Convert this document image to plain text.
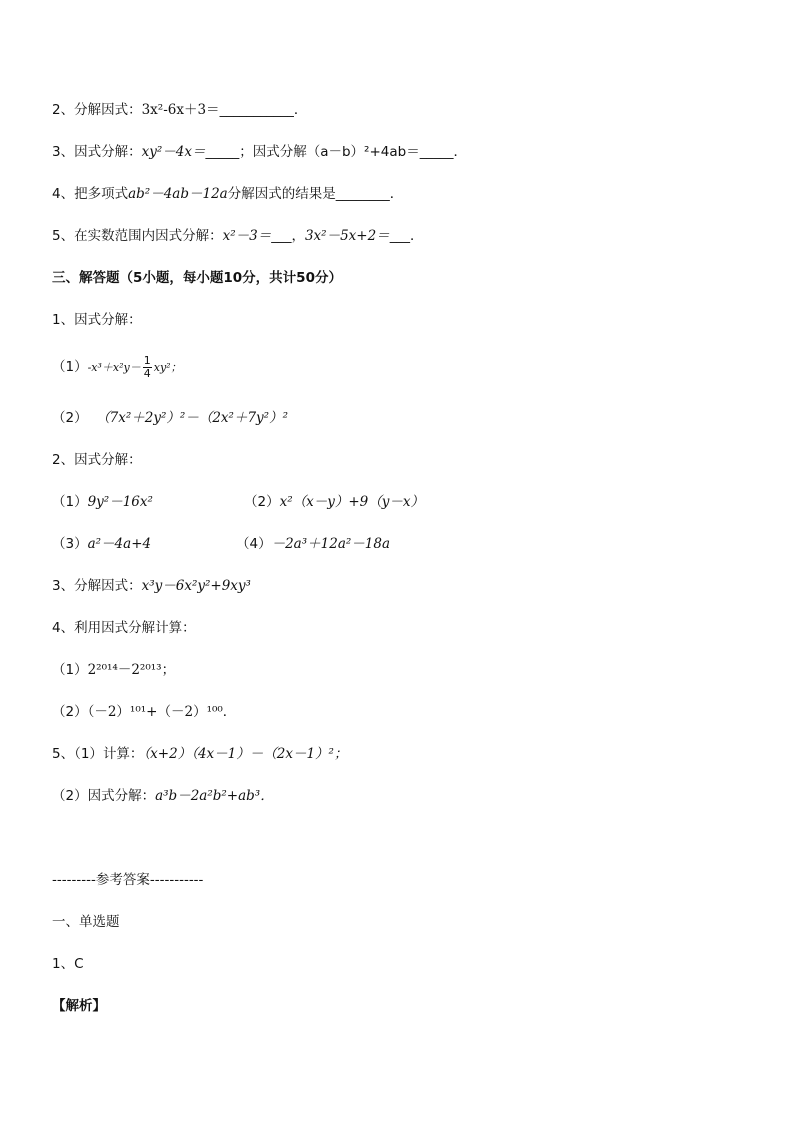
2、分解因式：3x²-6x＋3＝___________．
3、因式分解：xy²－4x＝_____；因式分解（a－b）²+4ab＝_____．
4、把多项式ab²－4ab－12a分解因式的结果是________．
5、在实数范围内因式分解：x²－3＝___，3x²－5x+2＝___．
三、解答题（5小题，每小题10分，共计50分）
1、因式分解：
$(1)-x^3+x^2y- \frac{1}{4} xy^2$；
（2） （7x²＋2y²）²－（2x²＋7y²）²
2、因式分解：
（1）9y²－16x²	（2）x²（x－y）+9（y－x）
（3）a²－4a+4	（4）－2a³＋12a²－18a
3、分解因式：x³y－6x²y²+9xy³
4、利用因式分解计算：
（1）2²⁰¹⁴－2²⁰¹³；
（2）（－2）¹⁰¹+（－2）¹⁰⁰．
5、（1）计算：（x+2）（4x－1）－（2x－1）²；
（2）因式分解：a³b－2a²b²+ab³．
---------参考答案-----------
一、单选题
1、C
【解析】
